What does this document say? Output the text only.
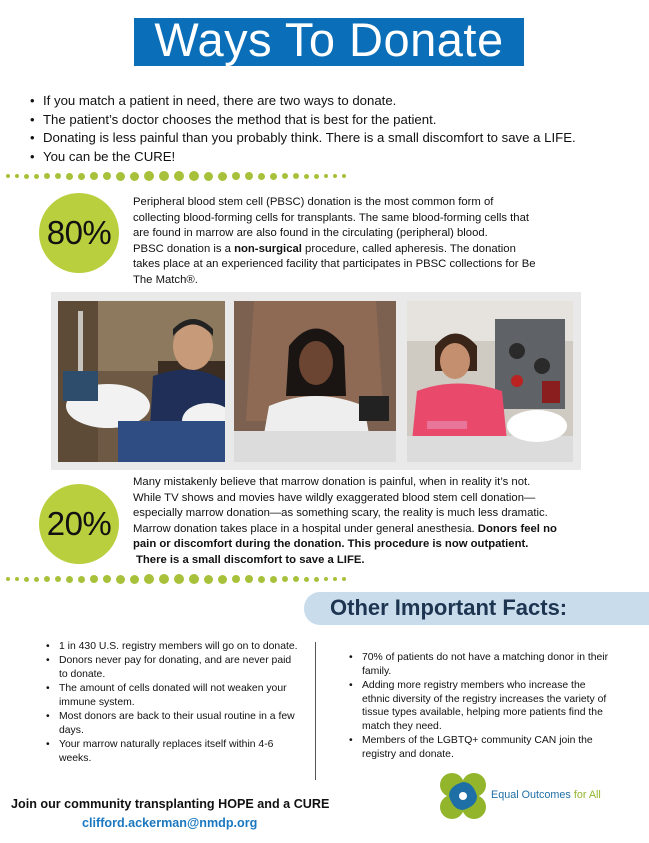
Ways To Donate
• If you match a patient in need, there are two ways to donate.
• The patient’s doctor chooses the method that is best for the patient.
• Donating is less painful than you probably think. There is a small discomfort to save a LIFE.
• You can be the CURE!
80%
Peripheral blood stem cell (PBSC) donation is the most common form of
collecting blood-forming cells for transplants. The same blood-forming cells that
are found in marrow are also found in the circulating (peripheral) blood.
PBSC donation is a non-surgical procedure, called apheresis. The donation
takes place at an experienced facility that participates in PBSC collections for Be
The Match®.
20%
Many mistakenly believe that marrow donation is painful, when in reality it’s not.
While TV shows and movies have wildly exaggerated blood stem cell donation—
especially marrow donation—as something scary, the reality is much less dramatic.
Marrow donation takes place in a hospital under general anesthesia. Donors feel no
pain or discomfort during the donation. This procedure is now outpatient.
There is a small discomfort to save a LIFE.
Other Important Facts:
• 1 in 430 U.S. registry members will go on to donate.
• Donors never pay for donating, and are never paid to donate.
• The amount of cells donated will not weaken your immune system.
• Most donors are back to their usual routine in a few days.
• Your marrow naturally replaces itself within 4-6 weeks.
• 70% of patients do not have a matching donor in their family.
• Adding more registry members who increase the ethnic diversity of the registry increases the variety of tissue types available, helping more patients find the match they need.
• Members of the LGBTQ+ community CAN join the registry and donate.
Join our community transplanting HOPE and a CURE
clifford.ackerman@nmdp.org
Equal Outcomes for All
